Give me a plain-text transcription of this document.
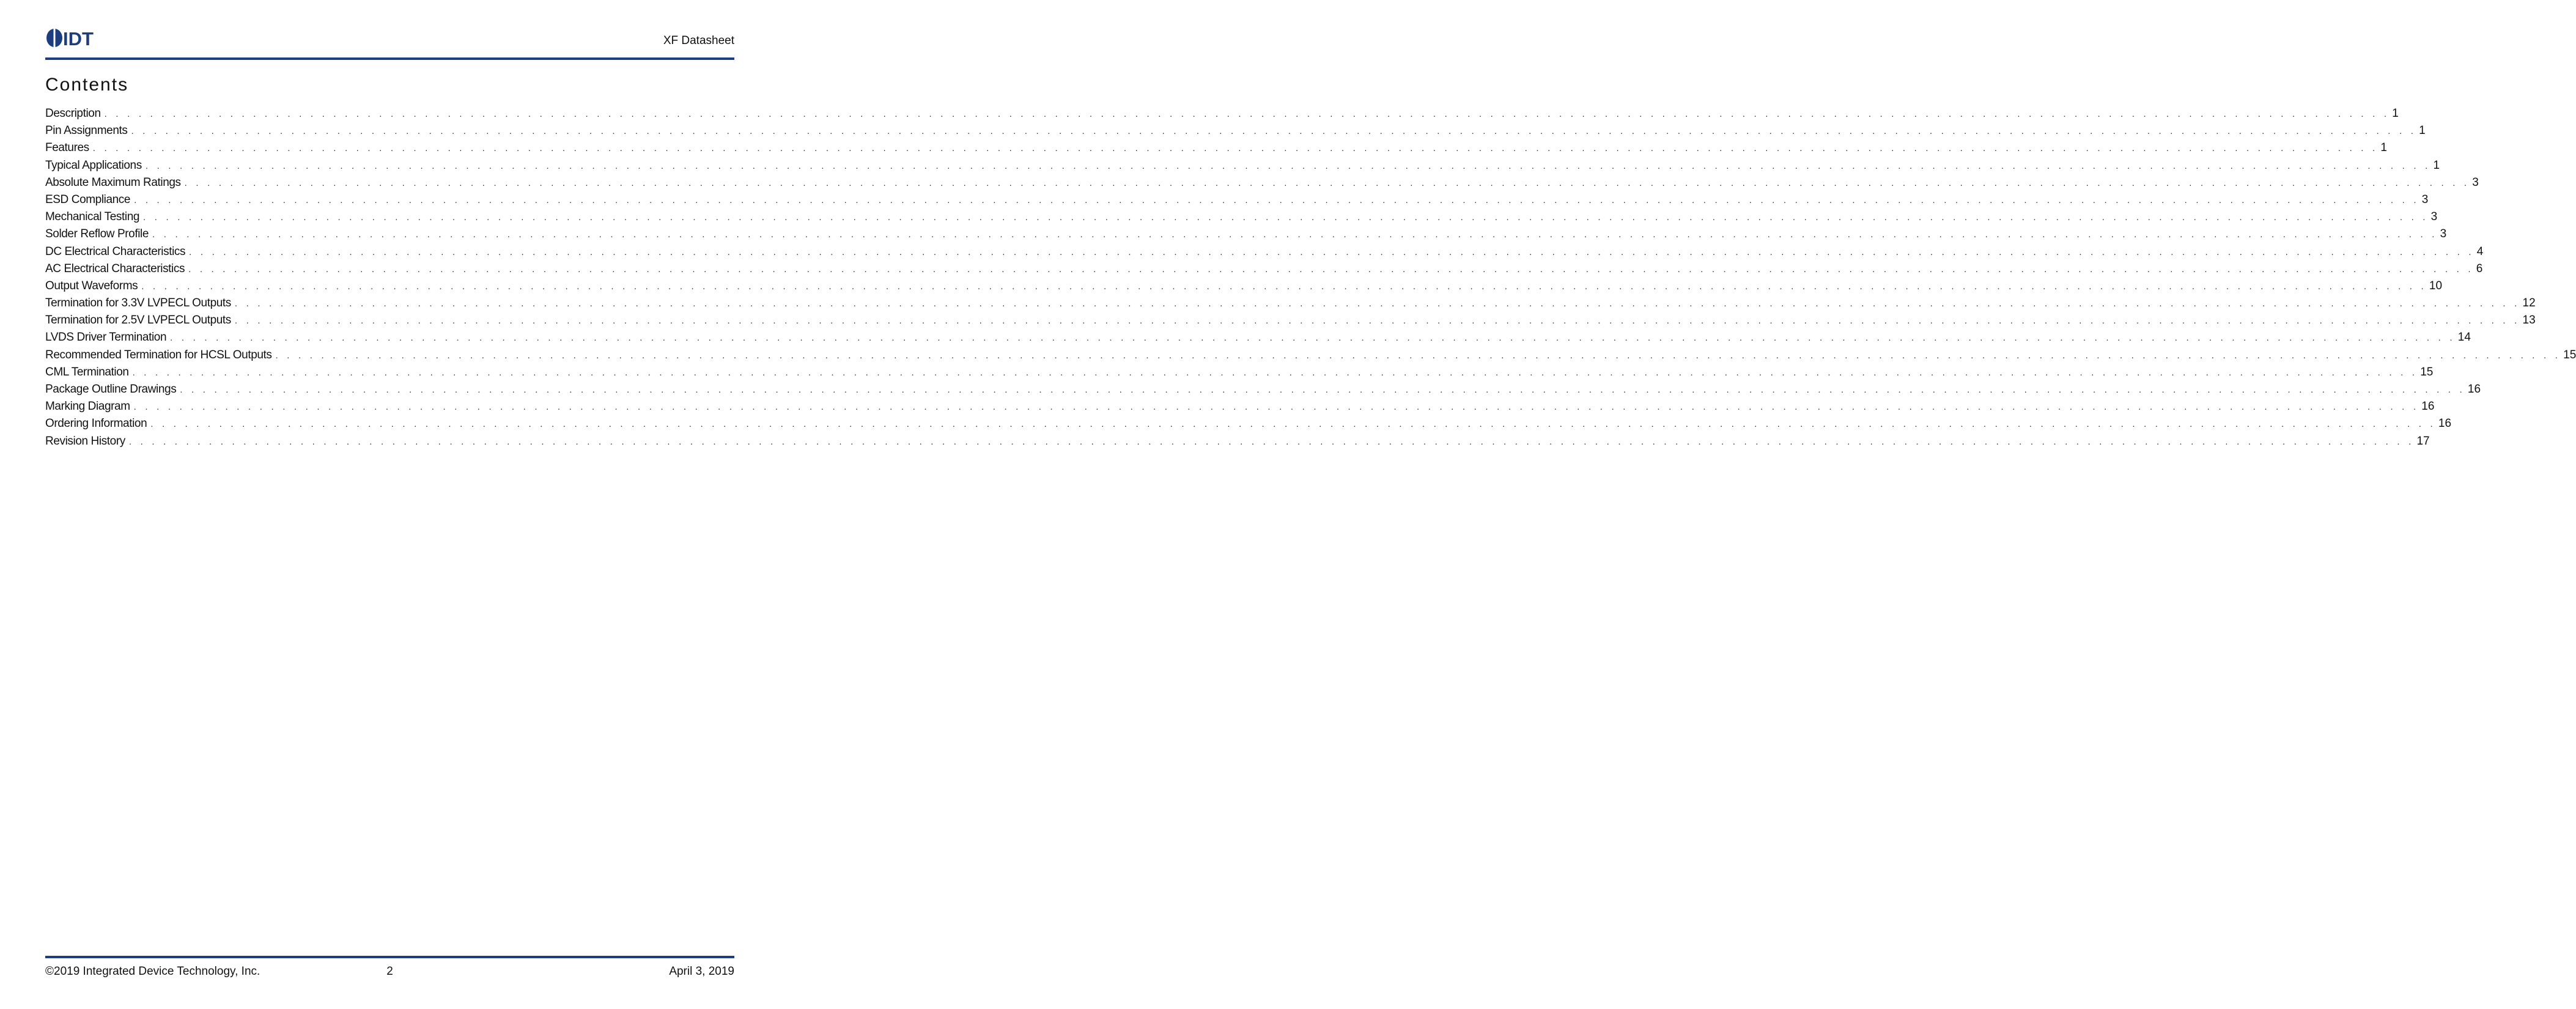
IDT	XF Datasheet
Contents
Description . . . . . . . . . . . . . . . . . . . . . . . . . . . . . . . . . . . . . . . . . . . . . . . . . . . . . . . . . . . . . . . . . . . . . . . . . . . . . . . . . . . . . . . . . . . . . . . . . . . . . . . . . . . . . . . . . . . . . . . . . . . . . . . . . . . . . . . . . . . . . . . . . . . . . . . . . . . . . . . . . . . . . . . . . . . . . . . . . . . . . . . . . . . . . . . . . . . . . . . . 1
Pin Assignments . . . . . . . . . . . . . . . . . . . . . . . . . . . . . . . . . . . . . . . . . . . . . . . . . . . . . . . . . . . . . . . . . . . . . . . . . . . . . . . . . . . . . . . . . . . . . . . . . . . . . . . . . . . . . . . . . . . . . . . . . . . . . . . . . . . . . . . . . . . . . . . . . . . . . . . . . . . . . . . . . . . . . . . . . . . . . . . . . . . . . . . . . . . . . . . . . . . . . . . . 1
Features . . . . . . . . . . . . . . . . . . . . . . . . . . . . . . . . . . . . . . . . . . . . . . . . . . . . . . . . . . . . . . . . . . . . . . . . . . . . . . . . . . . . . . . . . . . . . . . . . . . . . . . . . . . . . . . . . . . . . . . . . . . . . . . . . . . . . . . . . . . . . . . . . . . . . . . . . . . . . . . . . . . . . . . . . . . . . . . . . . . . . . . . . . . . . . . . . . . . . . . . 1
Typical Applications . . . . . . . . . . . . . . . . . . . . . . . . . . . . . . . . . . . . . . . . . . . . . . . . . . . . . . . . . . . . . . . . . . . . . . . . . . . . . . . . . . . . . . . . . . . . . . . . . . . . . . . . . . . . . . . . . . . . . . . . . . . . . . . . . . . . . . . . . . . . . . . . . . . . . . . . . . . . . . . . . . . . . . . . . . . . . . . . . . . . . . . . . . . . . . . . . . . . . . . . 1
Absolute Maximum Ratings . . . . . . . . . . . . . . . . . . . . . . . . . . . . . . . . . . . . . . . . . . . . . . . . . . . . . . . . . . . . . . . . . . . . . . . . . . . . . . . . . . . . . . . . . . . . . . . . . . . . . . . . . . . . . . . . . . . . . . . . . . . . . . . . . . . . . . . . . . . . . . . . . . . . . . . . . . . . . . . . . . . . . . . . . . . . . . . . . . . . . . . . . . . . . . . . . . . . . . . . 3
ESD Compliance . . . . . . . . . . . . . . . . . . . . . . . . . . . . . . . . . . . . . . . . . . . . . . . . . . . . . . . . . . . . . . . . . . . . . . . . . . . . . . . . . . . . . . . . . . . . . . . . . . . . . . . . . . . . . . . . . . . . . . . . . . . . . . . . . . . . . . . . . . . . . . . . . . . . . . . . . . . . . . . . . . . . . . . . . . . . . . . . . . . . . . . . . . . . . . . . . . . . . . . . 3
Mechanical Testing . . . . . . . . . . . . . . . . . . . . . . . . . . . . . . . . . . . . . . . . . . . . . . . . . . . . . . . . . . . . . . . . . . . . . . . . . . . . . . . . . . . . . . . . . . . . . . . . . . . . . . . . . . . . . . . . . . . . . . . . . . . . . . . . . . . . . . . . . . . . . . . . . . . . . . . . . . . . . . . . . . . . . . . . . . . . . . . . . . . . . . . . . . . . . . . . . . . . . . . . 3
Solder Reflow Profile . . . . . . . . . . . . . . . . . . . . . . . . . . . . . . . . . . . . . . . . . . . . . . . . . . . . . . . . . . . . . . . . . . . . . . . . . . . . . . . . . . . . . . . . . . . . . . . . . . . . . . . . . . . . . . . . . . . . . . . . . . . . . . . . . . . . . . . . . . . . . . . . . . . . . . . . . . . . . . . . . . . . . . . . . . . . . . . . . . . . . . . . . . . . . . . . . . . . . . . . 3
DC Electrical Characteristics . . . . . . . . . . . . . . . . . . . . . . . . . . . . . . . . . . . . . . . . . . . . . . . . . . . . . . . . . . . . . . . . . . . . . . . . . . . . . . . . . . . . . . . . . . . . . . . . . . . . . . . . . . . . . . . . . . . . . . . . . . . . . . . . . . . . . . . . . . . . . . . . . . . . . . . . . . . . . . . . . . . . . . . . . . . . . . . . . . . . . . . . . . . . . . . . . . . . . . . . 4
AC Electrical Characteristics . . . . . . . . . . . . . . . . . . . . . . . . . . . . . . . . . . . . . . . . . . . . . . . . . . . . . . . . . . . . . . . . . . . . . . . . . . . . . . . . . . . . . . . . . . . . . . . . . . . . . . . . . . . . . . . . . . . . . . . . . . . . . . . . . . . . . . . . . . . . . . . . . . . . . . . . . . . . . . . . . . . . . . . . . . . . . . . . . . . . . . . . . . . . . . . . . . . . . . . . 6
Output Waveforms . . . . . . . . . . . . . . . . . . . . . . . . . . . . . . . . . . . . . . . . . . . . . . . . . . . . . . . . . . . . . . . . . . . . . . . . . . . . . . . . . . . . . . . . . . . . . . . . . . . . . . . . . . . . . . . . . . . . . . . . . . . . . . . . . . . . . . . . . . . . . . . . . . . . . . . . . . . . . . . . . . . . . . . . . . . . . . . . . . . . . . . . . . . . . . . . . . . . . . . . 10
Termination for 3.3V LVPECL Outputs . . . . . . . . . . . . . . . . . . . . . . . . . . . . . . . . . . . . . . . . . . . . . . . . . . . . . . . . . . . . . . . . . . . . . . . . . . . . . . . . . . . . . . . . . . . . . . . . . . . . . . . . . . . . . . . . . . . . . . . . . . . . . . . . . . . . . . . . . . . . . . . . . . . . . . . . . . . . . . . . . . . . . . . . . . . . . . . . . . . . . . . . . . . . . . . . . . . . . . . . 12
Termination for 2.5V LVPECL Outputs . . . . . . . . . . . . . . . . . . . . . . . . . . . . . . . . . . . . . . . . . . . . . . . . . . . . . . . . . . . . . . . . . . . . . . . . . . . . . . . . . . . . . . . . . . . . . . . . . . . . . . . . . . . . . . . . . . . . . . . . . . . . . . . . . . . . . . . . . . . . . . . . . . . . . . . . . . . . . . . . . . . . . . . . . . . . . . . . . . . . . . . . . . . . . . . . . . . . . . . . 13
LVDS Driver Termination . . . . . . . . . . . . . . . . . . . . . . . . . . . . . . . . . . . . . . . . . . . . . . . . . . . . . . . . . . . . . . . . . . . . . . . . . . . . . . . . . . . . . . . . . . . . . . . . . . . . . . . . . . . . . . . . . . . . . . . . . . . . . . . . . . . . . . . . . . . . . . . . . . . . . . . . . . . . . . . . . . . . . . . . . . . . . . . . . . . . . . . . . . . . . . . . . . . . . . . . 14
Recommended Termination for HCSL Outputs . . . . . . . . . . . . . . . . . . . . . . . . . . . . . . . . . . . . . . . . . . . . . . . . . . . . . . . . . . . . . . . . . . . . . . . . . . . . . . . . . . . . . . . . . . . . . . . . . . . . . . . . . . . . . . . . . . . . . . . . . . . . . . . . . . . . . . . . . . . . . . . . . . . . . . . . . . . . . . . . . . . . . . . . . . . . . . . . . . . . . . . . . . . . . . . . . . . . . . . . 15
CML Termination . . . . . . . . . . . . . . . . . . . . . . . . . . . . . . . . . . . . . . . . . . . . . . . . . . . . . . . . . . . . . . . . . . . . . . . . . . . . . . . . . . . . . . . . . . . . . . . . . . . . . . . . . . . . . . . . . . . . . . . . . . . . . . . . . . . . . . . . . . . . . . . . . . . . . . . . . . . . . . . . . . . . . . . . . . . . . . . . . . . . . . . . . . . . . . . . . . . . . . . . 15
Package Outline Drawings . . . . . . . . . . . . . . . . . . . . . . . . . . . . . . . . . . . . . . . . . . . . . . . . . . . . . . . . . . . . . . . . . . . . . . . . . . . . . . . . . . . . . . . . . . . . . . . . . . . . . . . . . . . . . . . . . . . . . . . . . . . . . . . . . . . . . . . . . . . . . . . . . . . . . . . . . . . . . . . . . . . . . . . . . . . . . . . . . . . . . . . . . . . . . . . . . . . . . . . . 16
Marking Diagram . . . . . . . . . . . . . . . . . . . . . . . . . . . . . . . . . . . . . . . . . . . . . . . . . . . . . . . . . . . . . . . . . . . . . . . . . . . . . . . . . . . . . . . . . . . . . . . . . . . . . . . . . . . . . . . . . . . . . . . . . . . . . . . . . . . . . . . . . . . . . . . . . . . . . . . . . . . . . . . . . . . . . . . . . . . . . . . . . . . . . . . . . . . . . . . . . . . . . . . . 16
Ordering Information . . . . . . . . . . . . . . . . . . . . . . . . . . . . . . . . . . . . . . . . . . . . . . . . . . . . . . . . . . . . . . . . . . . . . . . . . . . . . . . . . . . . . . . . . . . . . . . . . . . . . . . . . . . . . . . . . . . . . . . . . . . . . . . . . . . . . . . . . . . . . . . . . . . . . . . . . . . . . . . . . . . . . . . . . . . . . . . . . . . . . . . . . . . . . . . . . . . . . . . . 16
Revision History . . . . . . . . . . . . . . . . . . . . . . . . . . . . . . . . . . . . . . . . . . . . . . . . . . . . . . . . . . . . . . . . . . . . . . . . . . . . . . . . . . . . . . . . . . . . . . . . . . . . . . . . . . . . . . . . . . . . . . . . . . . . . . . . . . . . . . . . . . . . . . . . . . . . . . . . . . . . . . . . . . . . . . . . . . . . . . . . . . . . . . . . . . . . . . . . . . . . . . . . 17
©2019 Integrated Device Technology, Inc.	2	April 3, 2019
